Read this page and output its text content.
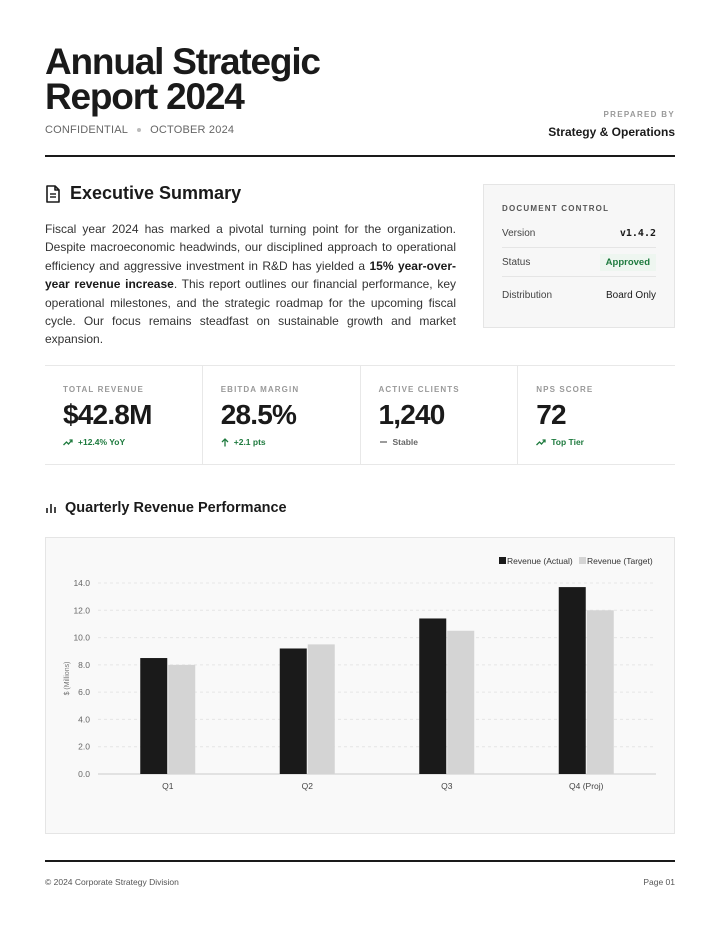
Annual Strategic
Report 2024
CONFIDENTIAL OCTOBER 2024
PREPARED BY
Strategy & Operations
Executive Summary

Fiscal year 2024 has marked a pivotal turning point for the organization. Despite macroeconomic headwinds, our disciplined approach to operational efficiency and aggressive investment in R&D has yielded a 15% year-over-year revenue increase. This report outlines our financial performance, key operational milestones, and the strategic roadmap for the upcoming fiscal cycle. Our focus remains steadfast on sustainable growth and market expansion.

DOCUMENT CONTROL
Version	v1.4.2
Status	Approved
Distribution	Board Only
TOTAL REVENUE
$42.8M
+12.4% YoY
EBITDA MARGIN
28.5%
+2.1 pts
ACTIVE CLIENTS
1,240
Stable
NPS SCORE
72
Top Tier
Quarterly Revenue Performance
0.0
2.0
4.0
6.0
8.0
10.0
12.0
14.0
$ (Millions)
Q1	Q2	Q3	Q4 (Proj)
Revenue (Actual) Revenue (Target)
© 2024 Corporate Strategy Division	Page 01
